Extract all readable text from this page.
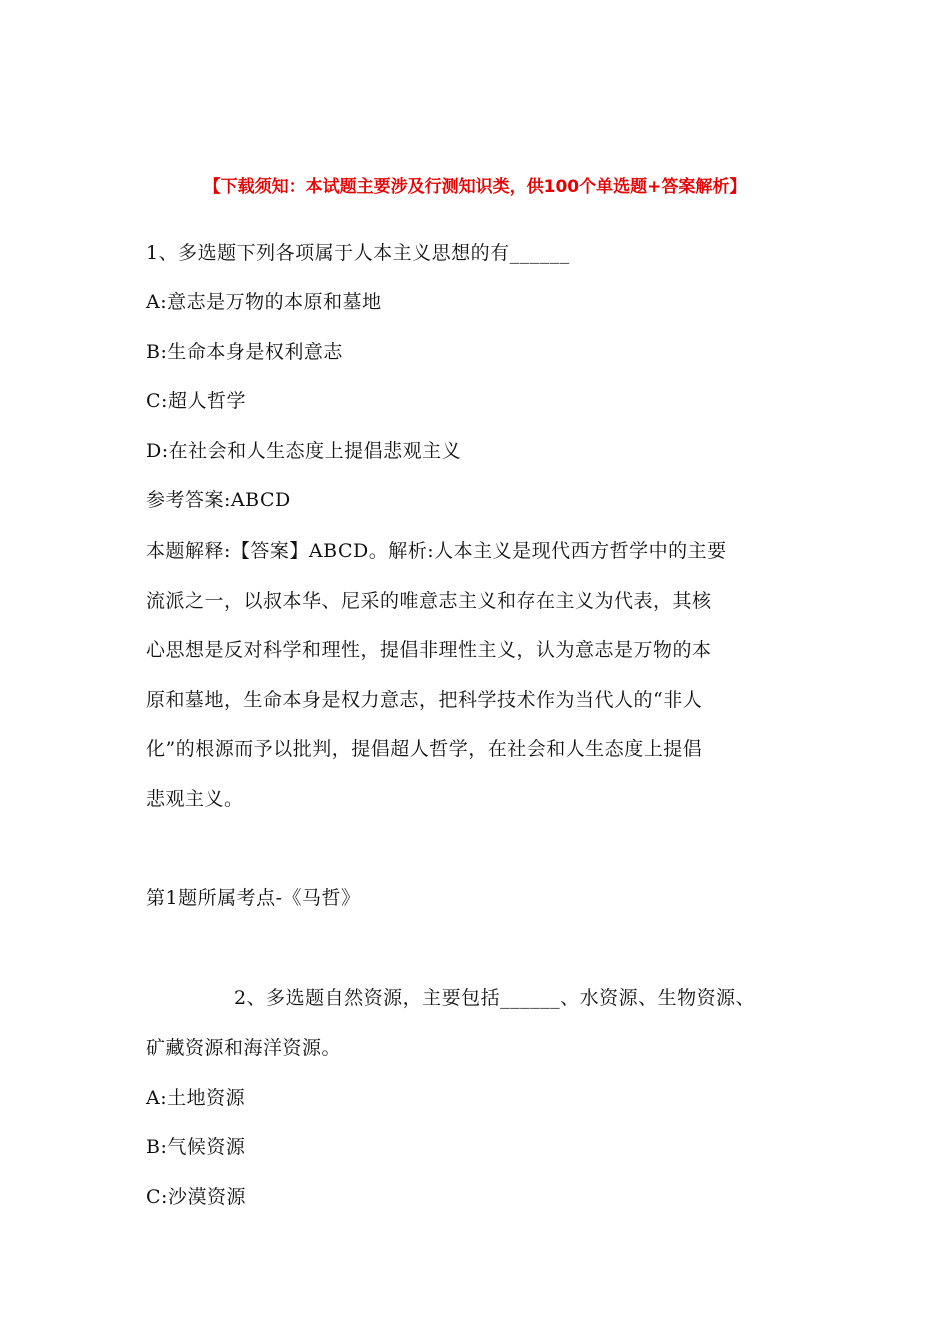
【下载须知：本试题主要涉及行测知识类，供100个单选题+答案解析】
1、多选题下列各项属于人本主义思想的有______
A:意志是万物的本原和墓地
B:生命本身是权利意志
C:超人哲学
D:在社会和人生态度上提倡悲观主义
参考答案:ABCD
本题解释:【答案】ABCD。解析:人本主义是现代西方哲学中的主要
流派之一，以叔本华、尼采的唯意志主义和存在主义为代表，其核
心思想是反对科学和理性，提倡非理性主义，认为意志是万物的本
原和墓地，生命本身是权力意志，把科学技术作为当代人的“非人
化”的根源而予以批判，提倡超人哲学，在社会和人生态度上提倡
悲观主义。
第1题所属考点-《马哲》
2、多选题自然资源，主要包括______、水资源、生物资源、
矿藏资源和海洋资源。
A:土地资源
B:气候资源
C:沙漠资源
